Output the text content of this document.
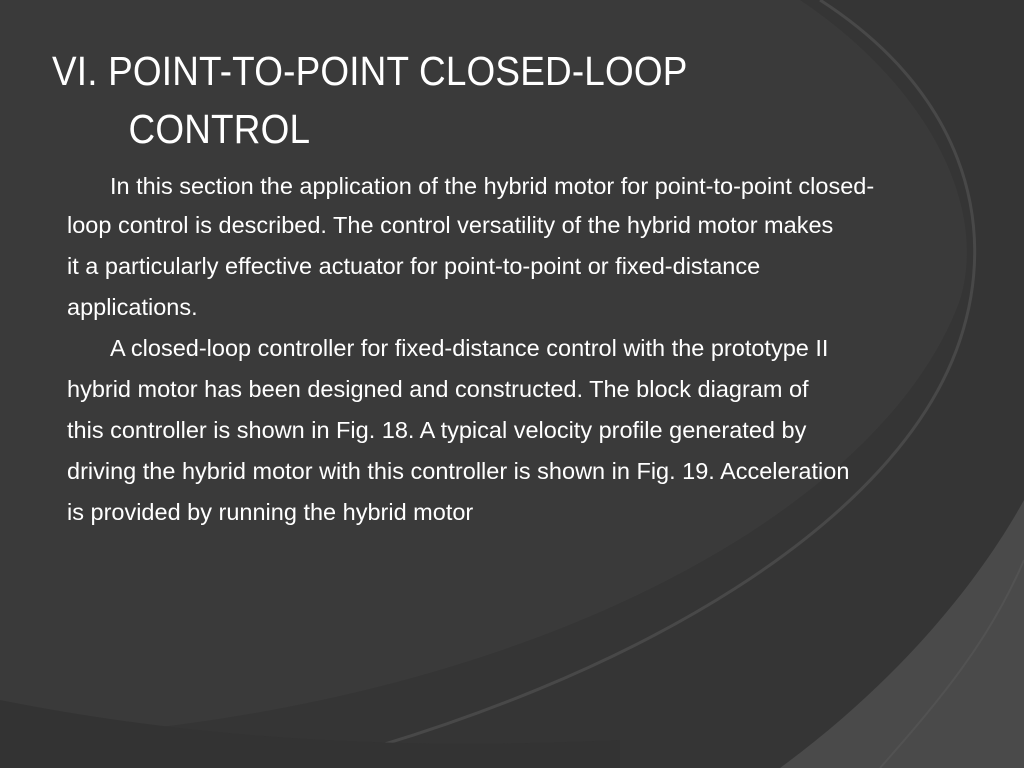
VI. POINT-TO-POINT CLOSED-LOOP
CONTROL
In this section the application of the hybrid motor for point-to-point closed-
loop control is described. The control versatility of the hybrid motor makes
it a particularly effective actuator for point-to-point or fixed-distance
applications.
A closed-loop controller for fixed-distance control with the prototype II
hybrid motor has been designed and constructed. The block diagram of
this controller is shown in Fig. 18. A typical velocity profile generated by
driving the hybrid motor with this controller is shown in Fig. 19. Acceleration
is provided by running the hybrid motor
